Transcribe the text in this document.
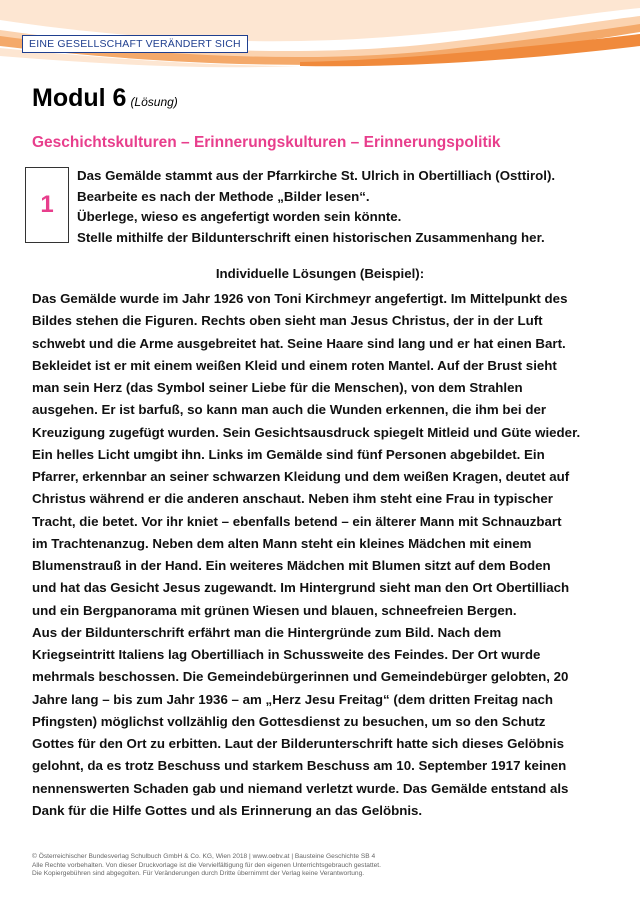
EINE GESELLSCHAFT VERÄNDERT SICH
Modul 6 (Lösung)
Geschichtskulturen – Erinnerungskulturen – Erinnerungspolitik
1
Das Gemälde stammt aus der Pfarrkirche St. Ulrich in Obertilliach (Osttirol).
Bearbeite es nach der Methode „Bilder lesen“.
Überlege, wieso es angefertigt worden sein könnte.
Stelle mithilfe der Bildunterschrift einen historischen Zusammenhang her.
Individuelle Lösungen (Beispiel):
Das Gemälde wurde im Jahr 1926 von Toni Kirchmeyr angefertigt. Im Mittelpunkt des
Bildes stehen die Figuren. Rechts oben sieht man Jesus Christus, der in der Luft
schwebt und die Arme ausgebreitet hat. Seine Haare sind lang und er hat einen Bart.
Bekleidet ist er mit einem weißen Kleid und einem roten Mantel. Auf der Brust sieht
man sein Herz (das Symbol seiner Liebe für die Menschen), von dem Strahlen
ausgehen. Er ist barfuß, so kann man auch die Wunden erkennen, die ihm bei der
Kreuzigung zugefügt wurden. Sein Gesichtsausdruck spiegelt Mitleid und Güte wieder.
Ein helles Licht umgibt ihn. Links im Gemälde sind fünf Personen abgebildet. Ein
Pfarrer, erkennbar an seiner schwarzen Kleidung und dem weißen Kragen, deutet auf
Christus während er die anderen anschaut. Neben ihm steht eine Frau in typischer
Tracht, die betet. Vor ihr kniet – ebenfalls betend – ein älterer Mann mit Schnauzbart
im Trachtenanzug. Neben dem alten Mann steht ein kleines Mädchen mit einem
Blumenstrauß in der Hand. Ein weiteres Mädchen mit Blumen sitzt auf dem Boden
und hat das Gesicht Jesus zugewandt. Im Hintergrund sieht man den Ort Obertilliach
und ein Bergpanorama mit grünen Wiesen und blauen, schneefreien Bergen.
Aus der Bildunterschrift erfährt man die Hintergründe zum Bild. Nach dem
Kriegseintritt Italiens lag Obertilliach in Schussweite des Feindes. Der Ort wurde
mehrmals beschossen. Die Gemeindebürgerinnen und Gemeindebürger gelobten, 20
Jahre lang – bis zum Jahr 1936 – am „Herz Jesu Freitag“ (dem dritten Freitag nach
Pfingsten) möglichst vollzählig den Gottesdienst zu besuchen, um so den Schutz
Gottes für den Ort zu erbitten. Laut der Bilderunterschrift hatte sich dieses Gelöbnis
gelohnt, da es trotz Beschuss und starkem Beschuss am 10. September 1917 keinen
nennenswerten Schaden gab und niemand verletzt wurde. Das Gemälde entstand als
Dank für die Hilfe Gottes und als Erinnerung an das Gelöbnis.
© Österreichischer Bundesverlag Schulbuch GmbH & Co. KG, Wien 2018 | www.oebv.at | Bausteine Geschichte SB 4
Alle Rechte vorbehalten. Von dieser Druckvorlage ist die Vervielfältigung für den eigenen Unterrichtsgebrauch gestattet.
Die Kopiergebühren sind abgegolten. Für Veränderungen durch Dritte übernimmt der Verlag keine Verantwortung.
